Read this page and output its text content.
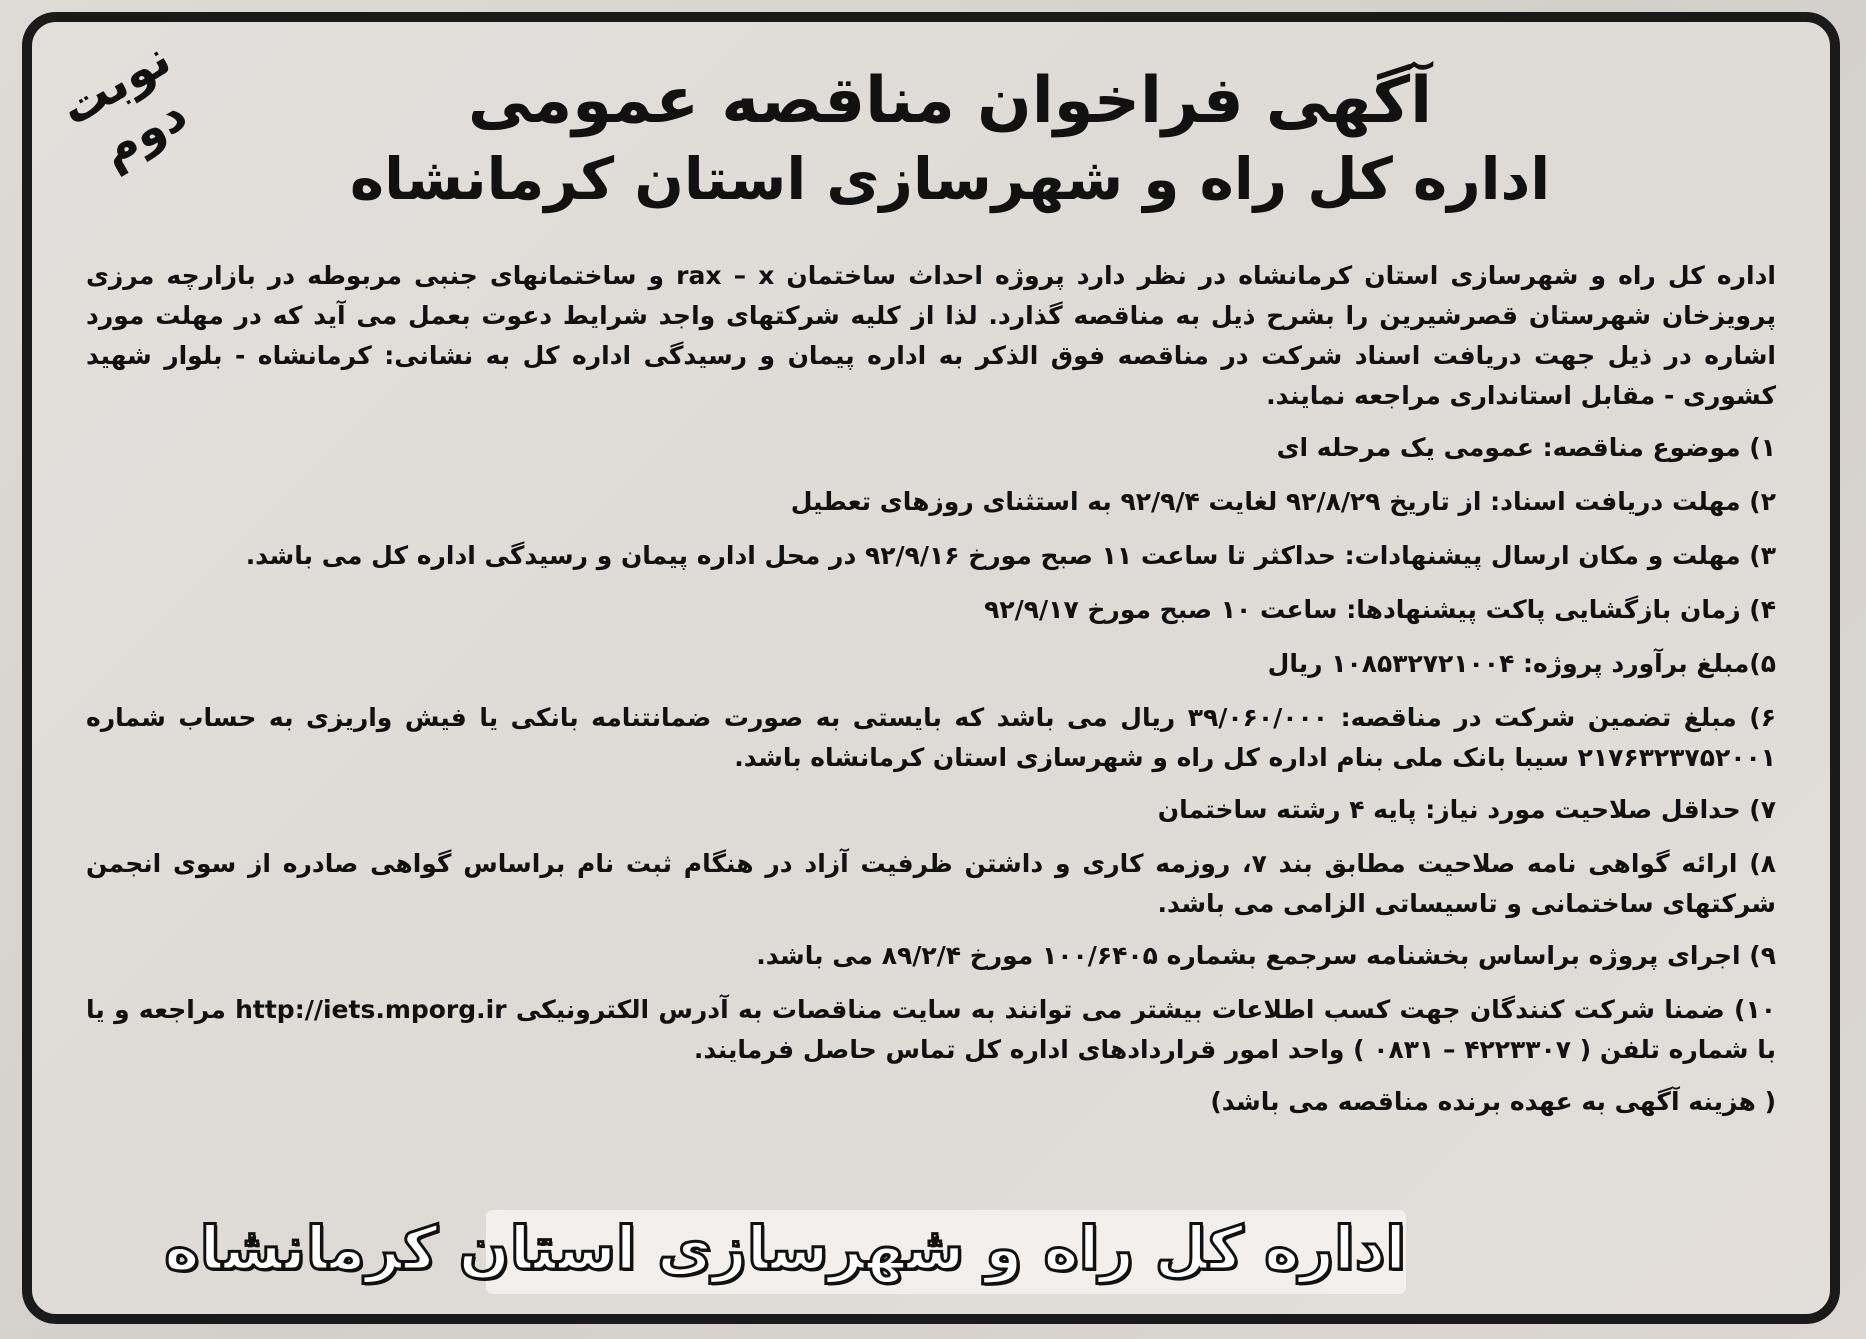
نوبت دوم	آگهی فراخوان مناقصه عمومی
اداره کل راه و شهرسازی استان کرمانشاه
اداره کل راه و شهرسازی استان کرمانشاه در نظر دارد پروژه احداث ساختمان rax – x و ساختمانهای جنبی مربوطه در بازارچه مرزی پرویزخان شهرستان قصرشیرین را بشرح ذیل به مناقصه گذارد. لذا از کلیه شرکتهای واجد شرایط دعوت بعمل می آید که در مهلت مورد اشاره در ذیل جهت دریافت اسناد شرکت در مناقصه فوق الذکر به اداره پیمان و رسیدگی اداره کل به نشانی: کرمانشاه - بلوار شهید کشوری - مقابل استانداری مراجعه نمایند.
۱) موضوع مناقصه: عمومی یک مرحله ای
۲) مهلت دریافت اسناد: از تاریخ ۹۲/۸/۲۹ لغایت ۹۲/۹/۴ به استثنای روزهای تعطیل
۳) مهلت و مکان ارسال پیشنهادات: حداکثر تا ساعت ۱۱ صبح مورخ ۹۲/۹/۱۶ در محل اداره پیمان و رسیدگی اداره کل می باشد.
۴) زمان بازگشایی پاکت پیشنهادها: ساعت ۱۰ صبح مورخ ۹۲/۹/۱۷
۵)مبلغ برآورد پروژه: ۱۰۸۵۳۲۷۲۱۰۰۴ ریال
۶) مبلغ تضمین شرکت در مناقصه: ۳۹/۰۶۰/۰۰۰ ریال می باشد که بایستی به صورت ضمانتنامه بانکی یا فیش واریزی به حساب شماره ۲۱۷۶۳۲۳۷۵۲۰۰۱ سیبا بانک ملی بنام اداره کل راه و شهرسازی استان کرمانشاه باشد.
۷) حداقل صلاحیت مورد نیاز: پایه ۴ رشته ساختمان
۸) ارائه گواهی نامه صلاحیت مطابق بند ۷، روزمه کاری و داشتن ظرفیت آزاد در هنگام ثبت نام براساس گواهی صادره از سوی انجمن شرکتهای ساختمانی و تاسیساتی الزامی می باشد.
۹) اجرای پروژه براساس بخشنامه سرجمع بشماره ۱۰۰/۶۴۰۵ مورخ ۸۹/۲/۴ می باشد.
۱۰) ضمنا شرکت کنندگان جهت کسب اطلاعات بیشتر می توانند به سایت مناقصات به آدرس الکترونیکی http://iets.mporg.ir مراجعه و یا با شماره تلفن ( ۴۲۲۳۳۰۷ – ۰۸۳۱ ) واحد امور قراردادهای اداره کل تماس حاصل فرمایند.
( هزینه آگهی به عهده برنده مناقصه می باشد)
اداره کل راه و شهرسازی استان کرمانشاه
